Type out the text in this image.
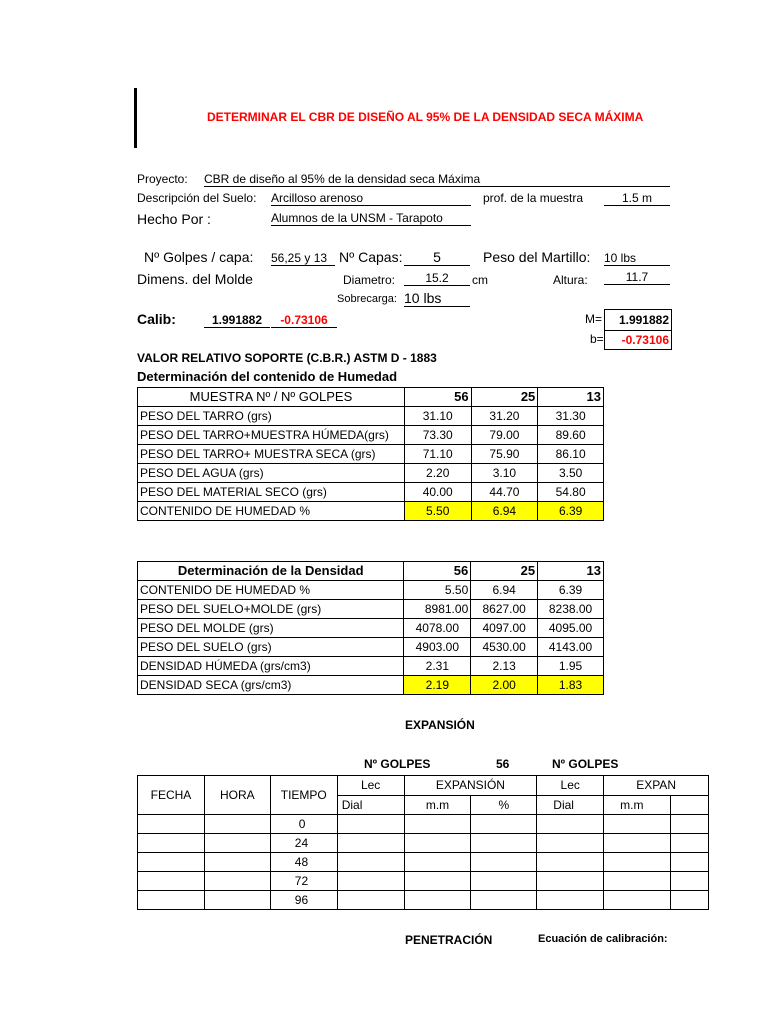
DETERMINAR EL CBR DE DISEÑO AL 95% DE LA DENSIDAD SECA MÁXIMA
Proyecto: CBR de diseño al 95% de la densidad seca Máxima
Descripción del Suelo: Arcilloso arenoso	prof. de la muestra	1.5 m
Hecho Por :	Alumnos de la UNSM - Tarapoto
Nº Golpes / capa: 56,25 y 13 Nº Capas:	5	Peso del Martillo: 10 lbs
Dimens. del Molde	Diametro:	15.2	cm	Altura:	11.7
Sobrecarga: 10 lbs
Calib:	1.991882	-0.73106	M=	1.991882
b=	-0.73106
VALOR RELATIVO SOPORTE (C.B.R.) ASTM D - 1883
Determinación del contenido de Humedad
MUESTRA Nº / Nº GOLPES	56	25	13
PESO DEL TARRO (grs)	31.10	31.20	31.30
PESO DEL TARRO+MUESTRA HÚMEDA(grs)	73.30	79.00	89.60
PESO DEL TARRO+ MUESTRA SECA (grs)	71.10	75.90	86.10
PESO DEL AGUA (grs)	2.20	3.10	3.50
PESO DEL MATERIAL SECO (grs)	40.00	44.70	54.80
CONTENIDO DE HUMEDAD %	5.50	6.94	6.39
Determinación de la Densidad	56	25	13
CONTENIDO DE HUMEDAD %	5.50	6.94	6.39
PESO DEL SUELO+MOLDE (grs)	8981.00	8627.00	8238.00
PESO DEL MOLDE (grs)	4078.00	4097.00	4095.00
PESO DEL SUELO (grs)	4903.00	4530.00	4143.00
DENSIDAD HÚMEDA (grs/cm3)	2.31	2.13	1.95
DENSIDAD SECA (grs/cm3)	2.19	2.00	1.83
EXPANSIÓN
Nº GOLPES	56	Nº GOLPES
FECHA	HORA	TIEMPO	Lec	EXPANSIÓN		Lec	EXPAN	
			Dial	m.m	%	Dial	m.m	
		0						
		24						
		48						
		72						
		96						
PENETRACIÓN	Ecuación de calibración:
